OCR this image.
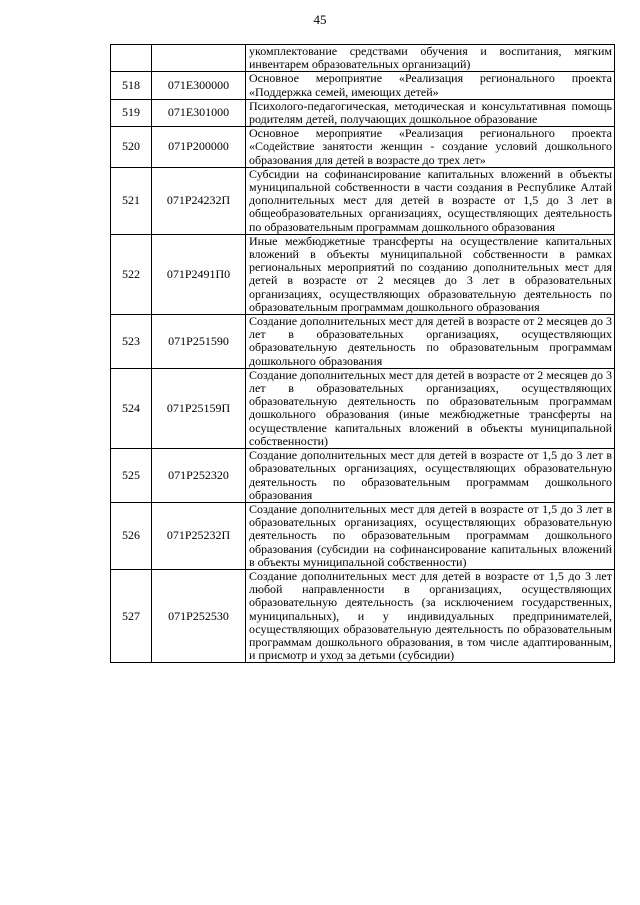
45
		укомплектование средствами обучения и воспитания, мягким инвентарем образовательных организаций)
518	071Е300000	Основное мероприятие «Реализация регионального проекта «Поддержка семей, имеющих детей»
519	071Е301000	Психолого-педагогическая, методическая и консультативная помощь родителям детей, получающих дошкольное образование
520	071Р200000	Основное мероприятие «Реализация регионального проекта «Содействие занятости женщин - создание условий дошкольного образования для детей в возрасте до трех лет»
521	071Р24232П	Субсидии на софинансирование капитальных вложений в объекты муниципальной собственности в части создания в Республике Алтай дополнительных мест для детей в возрасте от 1,5 до 3 лет в общеобразовательных организациях, осуществляющих деятельность по образовательным программам дошкольного образования
522	071Р2491П0	Иные межбюджетные трансферты на осуществление капитальных вложений в объекты муниципальной собственности в рамках региональных мероприятий по созданию дополнительных мест для детей в возрасте от 2 месяцев до 3 лет в образовательных организациях, осуществляющих образовательную деятельность по образовательным программам дошкольного образования
523	071Р251590	Создание дополнительных мест для детей в возрасте от 2 месяцев до 3 лет в образовательных организациях, осуществляющих образовательную деятельность по образовательным программам дошкольного образования
524	071Р25159П	Создание дополнительных мест для детей в возрасте от 2 месяцев до 3 лет в образовательных организациях, осуществляющих образовательную деятельность по образовательным программам дошкольного образования (иные межбюджетные трансферты на осуществление капитальных вложений в объекты муниципальной собственности)
525	071Р252320	Создание дополнительных мест для детей в возрасте от 1,5 до 3 лет в образовательных организациях, осуществляющих образовательную деятельность по образовательным программам дошкольного образования
526	071Р25232П	Создание дополнительных мест для детей в возрасте от 1,5 до 3 лет в образовательных организациях, осуществляющих образовательную деятельность по образовательным программам дошкольного образования (субсидии на софинансирование капитальных вложений в объекты муниципальной собственности)
527	071Р252530	Создание дополнительных мест для детей в возрасте от 1,5 до 3 лет любой направленности в организациях, осуществляющих образовательную деятельность (за исключением государственных, муниципальных), и у индивидуальных предпринимателей, осуществляющих образовательную деятельность по образовательным программам дошкольного образования, в том числе адаптированным, и присмотр и уход за детьми (субсидии)
